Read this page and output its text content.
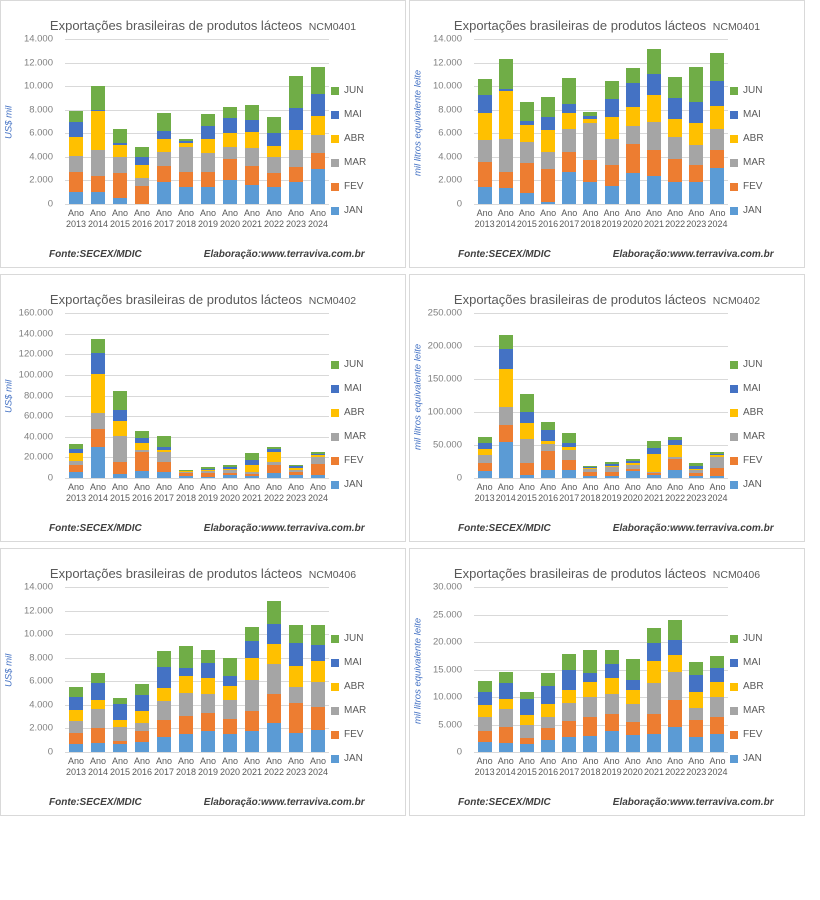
Exportações brasileiras de produtos lácteos NCM0401
US$ mil
14.000
12.000
10.000
8.000
6.000
4.000
2.000
0
Ano
2013
Ano
2014
Ano
2015
Ano
2016
Ano
2017
Ano
2018
Ano
2019
Ano
2020
Ano
2021
Ano
2022
Ano
2023
Ano
2024
JUN
MAI
ABR
MAR
FEV
JAN
Fonte:SECEX/MDIC	Elaboração:www.terraviva.com.br
Exportações brasileiras de produtos lácteos NCM0401
mil litros equivalente leite
14.000
12.000
10.000
8.000
6.000
4.000
2.000
0
Ano
2013
Ano
2014
Ano
2015
Ano
2016
Ano
2017
Ano
2018
Ano
2019
Ano
2020
Ano
2021
Ano
2022
Ano
2023
Ano
2024
JUN
MAI
ABR
MAR
FEV
JAN
Fonte:SECEX/MDIC	Elaboração:www.terraviva.com.br
Exportações brasileiras de produtos lácteos NCM0402
US$ mil
160.000
140.000
120.000
100.000
80.000
60.000
40.000
20.000
0
Ano
2013
Ano
2014
Ano
2015
Ano
2016
Ano
2017
Ano
2018
Ano
2019
Ano
2020
Ano
2021
Ano
2022
Ano
2023
Ano
2024
JUN
MAI
ABR
MAR
FEV
JAN
Fonte:SECEX/MDIC	Elaboração:www.terraviva.com.br
Exportações brasileiras de produtos lácteos NCM0402
mil litros equivalente leite
250.000
200.000
150.000
100.000
50.000
0
Ano
2013
Ano
2014
Ano
2015
Ano
2016
Ano
2017
Ano
2018
Ano
2019
Ano
2020
Ano
2021
Ano
2022
Ano
2023
Ano
2024
JUN
MAI
ABR
MAR
FEV
JAN
Fonte:SECEX/MDIC	Elaboração:www.terraviva.com.br
Exportações brasileiras de produtos lácteos NCM0406
US$ mil
14.000
12.000
10.000
8.000
6.000
4.000
2.000
0
Ano
2013
Ano
2014
Ano
2015
Ano
2016
Ano
2017
Ano
2018
Ano
2019
Ano
2020
Ano
2021
Ano
2022
Ano
2023
Ano
2024
JUN
MAI
ABR
MAR
FEV
JAN
Fonte:SECEX/MDIC	Elaboração:www.terraviva.com.br
Exportações brasileiras de produtos lácteos NCM0406
mil litros equivalente leite
30.000
25.000
20.000
15.000
10.000
5.000
0
Ano
2013
Ano
2014
Ano
2015
Ano
2016
Ano
2017
Ano
2018
Ano
2019
Ano
2020
Ano
2021
Ano
2022
Ano
2023
Ano
2024
JUN
MAI
ABR
MAR
FEV
JAN
Fonte:SECEX/MDIC	Elaboração:www.terraviva.com.br
